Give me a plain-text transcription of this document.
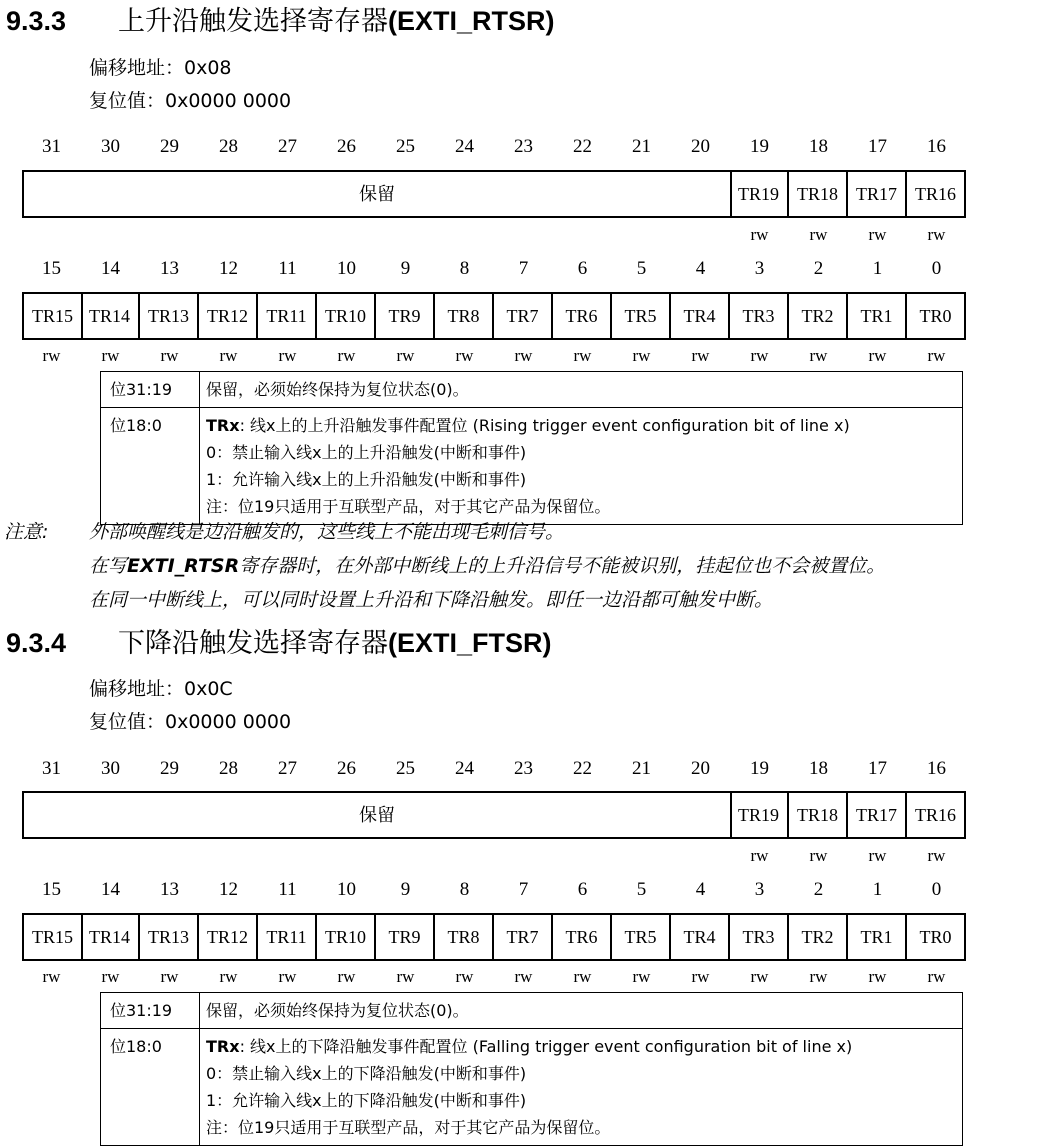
9.3.3 上升沿触发选择寄存器(EXTI_RTSR)
偏移地址：0x08
复位值：0x0000 0000
31	30	29	28	27	26	25	24	23	22	21	20	19	18	17	16
保留	TR19 TR18 TR17 TR16
rw	rw	rw	rw
15	14	13	12	11	10	9	8	7	6	5	4	3	2	1	0
TR15 TR14 TR13 TR12	TR11	TR10	TR9	TR8	TR7	TR6	TR5	TR4	TR3	TR2	TR1	TR0
rw	rw	rw	rw	rw	rw	rw	rw	rw	rw	rw	rw	rw	rw	rw	rw
位31:19	保留，必须始终保持为复位状态(0)。

位18:0	TRx: 线x上的上升沿触发事件配置位 (Rising trigger event configuration bit of line x)
0：禁止输入线x上的上升沿触发(中断和事件)
1：允许输入线x上的上升沿触发(中断和事件)
注：位19只适用于互联型产品，对于其它产品为保留位。
注意: 外部唤醒线是边沿触发的，这些线上不能出现毛刺信号。
在写EXTI_RTSR寄存器时，在外部中断线上的上升沿信号不能被识别，挂起位也不会被置位。
在同一中断线上，可以同时设置上升沿和下降沿触发。即任一边沿都可触发中断。
9.3.4 下降沿触发选择寄存器(EXTI_FTSR)
偏移地址：0x0C
复位值：0x0000 0000
31	30	29	28	27	26	25	24	23	22	21	20	19	18	17	16
保留	TR19 TR18 TR17 TR16
rw	rw	rw	rw
15	14	13	12	11	10	9	8	7	6	5	4	3	2	1	0
TR15 TR14 TR13 TR12	TR11	TR10	TR9	TR8	TR7	TR6	TR5	TR4	TR3	TR2	TR1	TR0
rw	rw	rw	rw	rw	rw	rw	rw	rw	rw	rw	rw	rw	rw	rw	rw
位31:19	保留，必须始终保持为复位状态(0)。

位18:0	TRx: 线x上的下降沿触发事件配置位 (Falling trigger event configuration bit of line x)
0：禁止输入线x上的下降沿触发(中断和事件)
1：允许输入线x上的下降沿触发(中断和事件)
注：位19只适用于互联型产品，对于其它产品为保留位。
